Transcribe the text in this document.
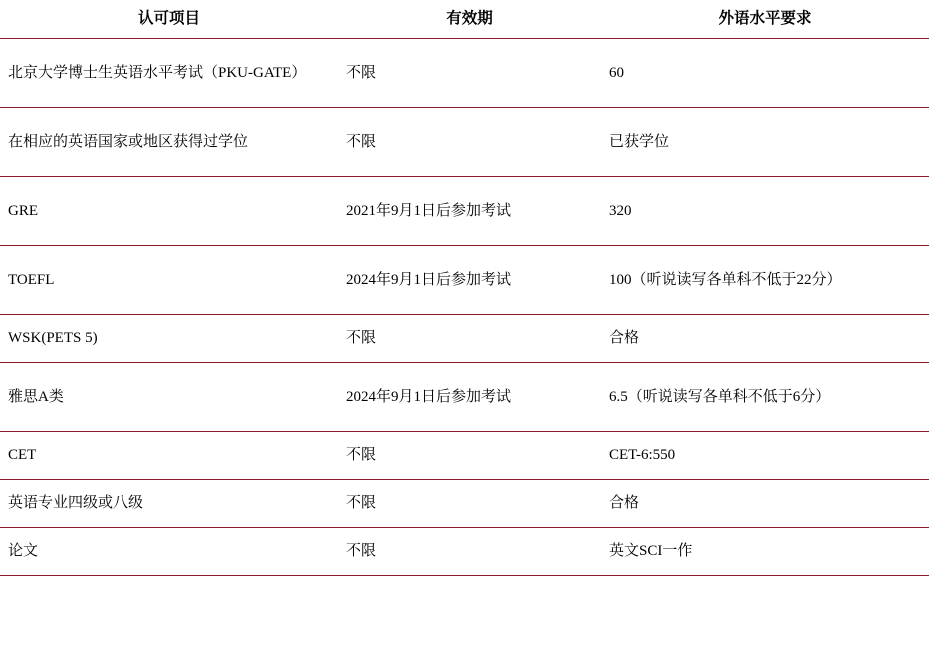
认可项目	有效期	外语水平要求
北京大学博士生英语水平考试（PKU-GATE）	不限	60
在相应的英语国家或地区获得过学位	不限	已获学位
GRE	2021年9月1日后参加考试	320
TOEFL	2024年9月1日后参加考试	100（听说读写各单科不低于22分）
WSK(PETS 5)	不限	合格
雅思A类	2024年9月1日后参加考试	6.5（听说读写各单科不低于6分）
CET	不限	CET-6:550
英语专业四级或八级	不限	合格
论文	不限	英文SCI一作
